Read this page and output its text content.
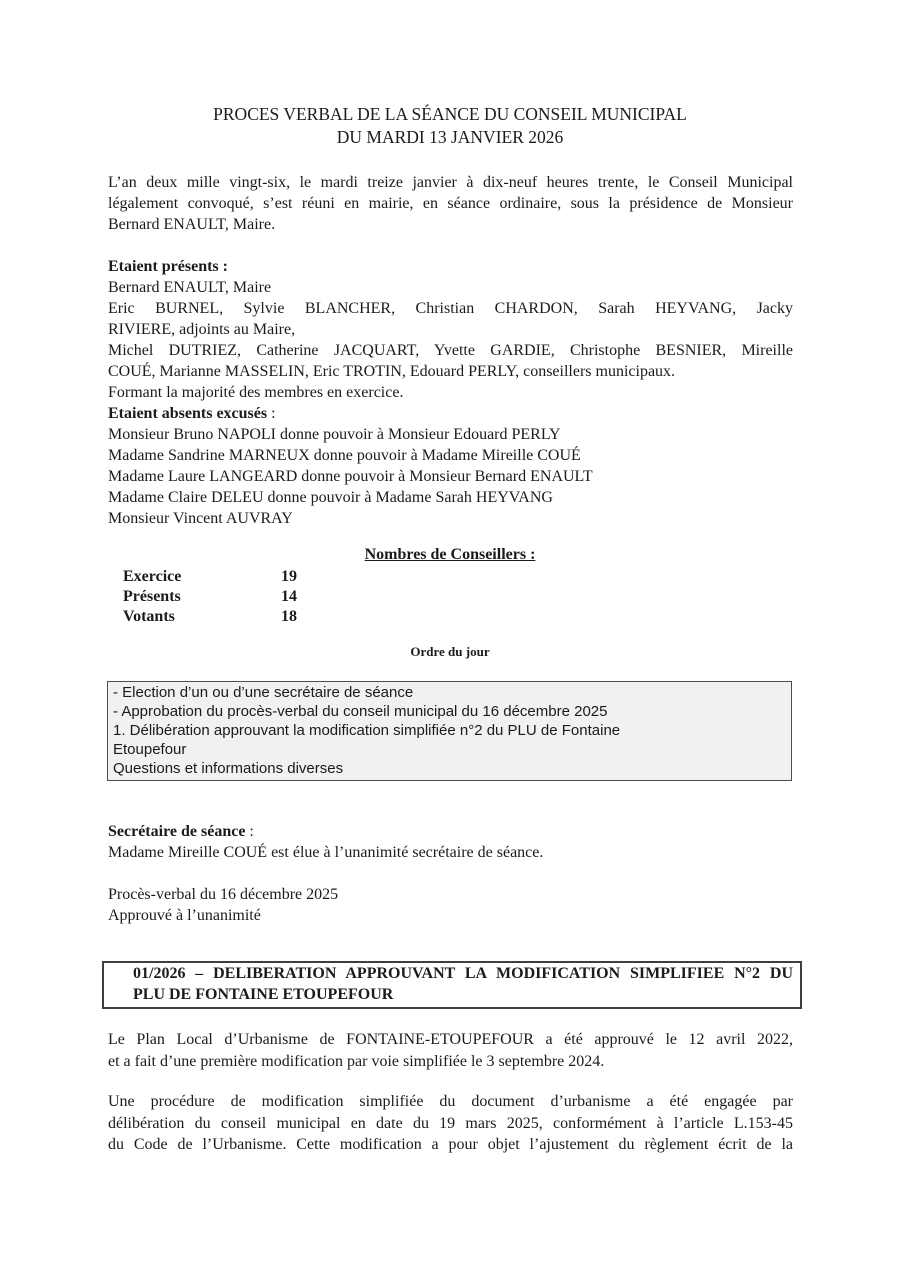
PROCES VERBAL DE LA SÉANCE DU CONSEIL MUNICIPAL
DU MARDI 13 JANVIER 2026
L’an deux mille vingt-six, le mardi treize janvier à dix-neuf heures trente, le Conseil Municipal
légalement convoqué, s’est réuni en mairie, en séance ordinaire, sous la présidence de Monsieur
Bernard ENAULT, Maire.
Etaient présents :
Bernard ENAULT, Maire
Eric BURNEL, Sylvie BLANCHER, Christian CHARDON, Sarah HEYVANG, Jacky
RIVIERE, adjoints au Maire,
Michel DUTRIEZ, Catherine JACQUART, Yvette GARDIE, Christophe BESNIER, Mireille
COUÉ, Marianne MASSELIN, Eric TROTIN, Edouard PERLY, conseillers municipaux.
Formant la majorité des membres en exercice.
Etaient absents excusés :
Monsieur Bruno NAPOLI donne pouvoir à Monsieur Edouard PERLY
Madame Sandrine MARNEUX donne pouvoir à Madame Mireille COUÉ
Madame Laure LANGEARD donne pouvoir à Monsieur Bernard ENAULT
Madame Claire DELEU donne pouvoir à Madame Sarah HEYVANG
Monsieur Vincent AUVRAY
Nombres de Conseillers :
Exercice	19
Présents	14
Votants	18
Ordre du jour
- Election d’un ou d’une secrétaire de séance
- Approbation du procès-verbal du conseil municipal du 16 décembre 2025
1. Délibération approuvant la modification simplifiée n°2 du PLU de Fontaine
Etoupefour
Questions et informations diverses
Secrétaire de séance :
Madame Mireille COUÉ est élue à l’unanimité secrétaire de séance.
Procès-verbal du 16 décembre 2025
Approuvé à l’unanimité
01/2026 – DELIBERATION APPROUVANT LA MODIFICATION SIMPLIFIEE N°2 DU
PLU DE FONTAINE ETOUPEFOUR
Le Plan Local d’Urbanisme de FONTAINE-ETOUPEFOUR a été approuvé le 12 avril 2022,
et a fait d’une première modification par voie simplifiée le 3 septembre 2024.
Une procédure de modification simplifiée du document d’urbanisme a été engagée par
délibération du conseil municipal en date du 19 mars 2025, conformément à l’article L.153-45
du Code de l’Urbanisme. Cette modification a pour objet l’ajustement du règlement écrit de la
